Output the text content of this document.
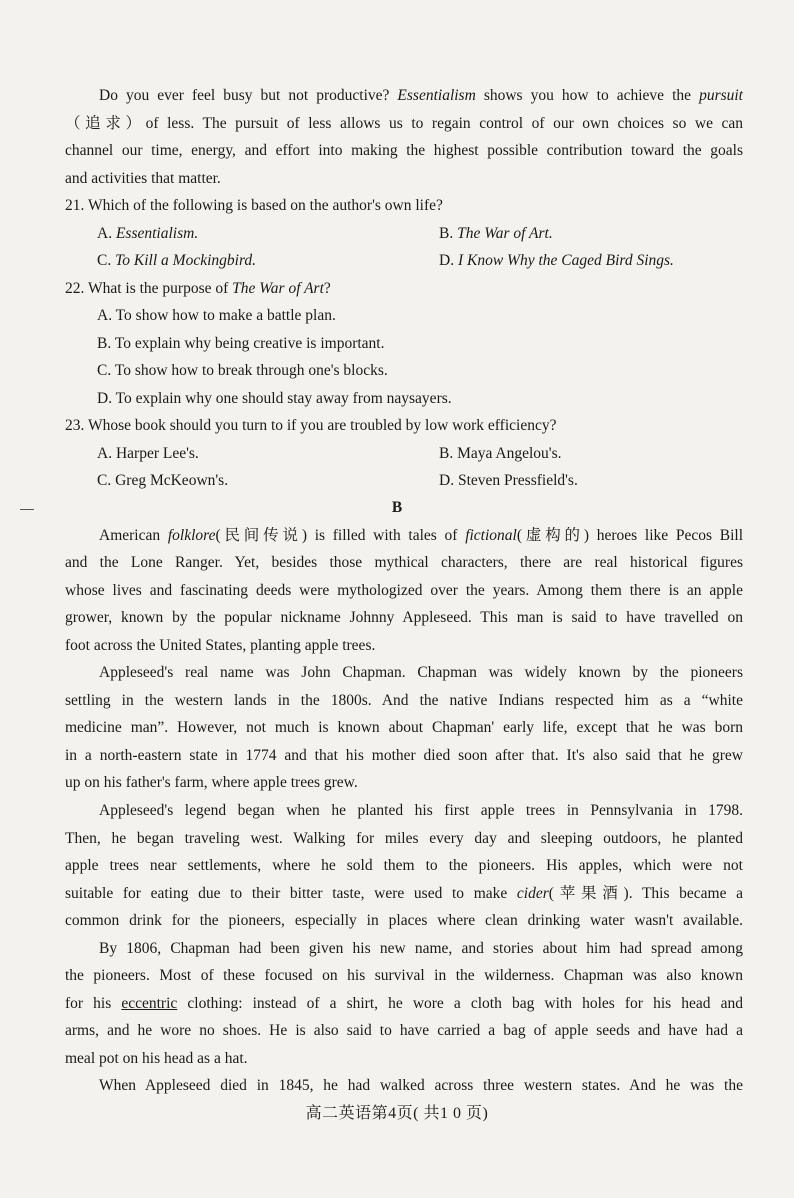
Do you ever feel busy but not productive? Essentialism shows you how to achieve the pursuit
（追求）of less. The pursuit of less allows us to regain control of our own choices so we can
channel our time, energy, and effort into making the highest possible contribution toward the goals
and activities that matter.
21. Which of the following is based on the author's own life?
A. Essentialism.	B. The War of Art.
C. To Kill a Mockingbird.	D. I Know Why the Caged Bird Sings.
22. What is the purpose of The War of Art?
A. To show how to make a battle plan.
B. To explain why being creative is important.
C. To show how to break through one's blocks.
D. To explain why one should stay away from naysayers.
23. Whose book should you turn to if you are troubled by low work efficiency?
A. Harper Lee's.	B. Maya Angelou's.
C. Greg McKeown's.	D. Steven Pressfield's.
B
American folklore(民间传说) is filled with tales of fictional(虚构的) heroes like Pecos Bill
and the Lone Ranger. Yet, besides those mythical characters, there are real historical figures
whose lives and fascinating deeds were mythologized over the years. Among them there is an apple
grower, known by the popular nickname Johnny Appleseed. This man is said to have travelled on
foot across the United States, planting apple trees.
Appleseed's real name was John Chapman. Chapman was widely known by the pioneers
settling in the western lands in the 1800s. And the native Indians respected him as a “white
medicine man”. However, not much is known about Chapman' early life, except that he was born
in a north-eastern state in 1774 and that his mother died soon after that. It's also said that he grew
up on his father's farm, where apple trees grew.
Appleseed's legend began when he planted his first apple trees in Pennsylvania in 1798.
Then, he began traveling west. Walking for miles every day and sleeping outdoors, he planted
apple trees near settlements, where he sold them to the pioneers. His apples, which were not
suitable for eating due to their bitter taste, were used to make cider(苹果酒). This became a
common drink for the pioneers, especially in places where clean drinking water wasn't available.
By 1806, Chapman had been given his new name, and stories about him had spread among
the pioneers. Most of these focused on his survival in the wilderness. Chapman was also known
for his eccentric clothing: instead of a shirt, he wore a cloth bag with holes for his head and
arms, and he wore no shoes. He is also said to have carried a bag of apple seeds and have had a
meal pot on his head as a hat.
When Appleseed died in 1845, he had walked across three western states. And he was the
高二英语第4页( 共1 0 页)
